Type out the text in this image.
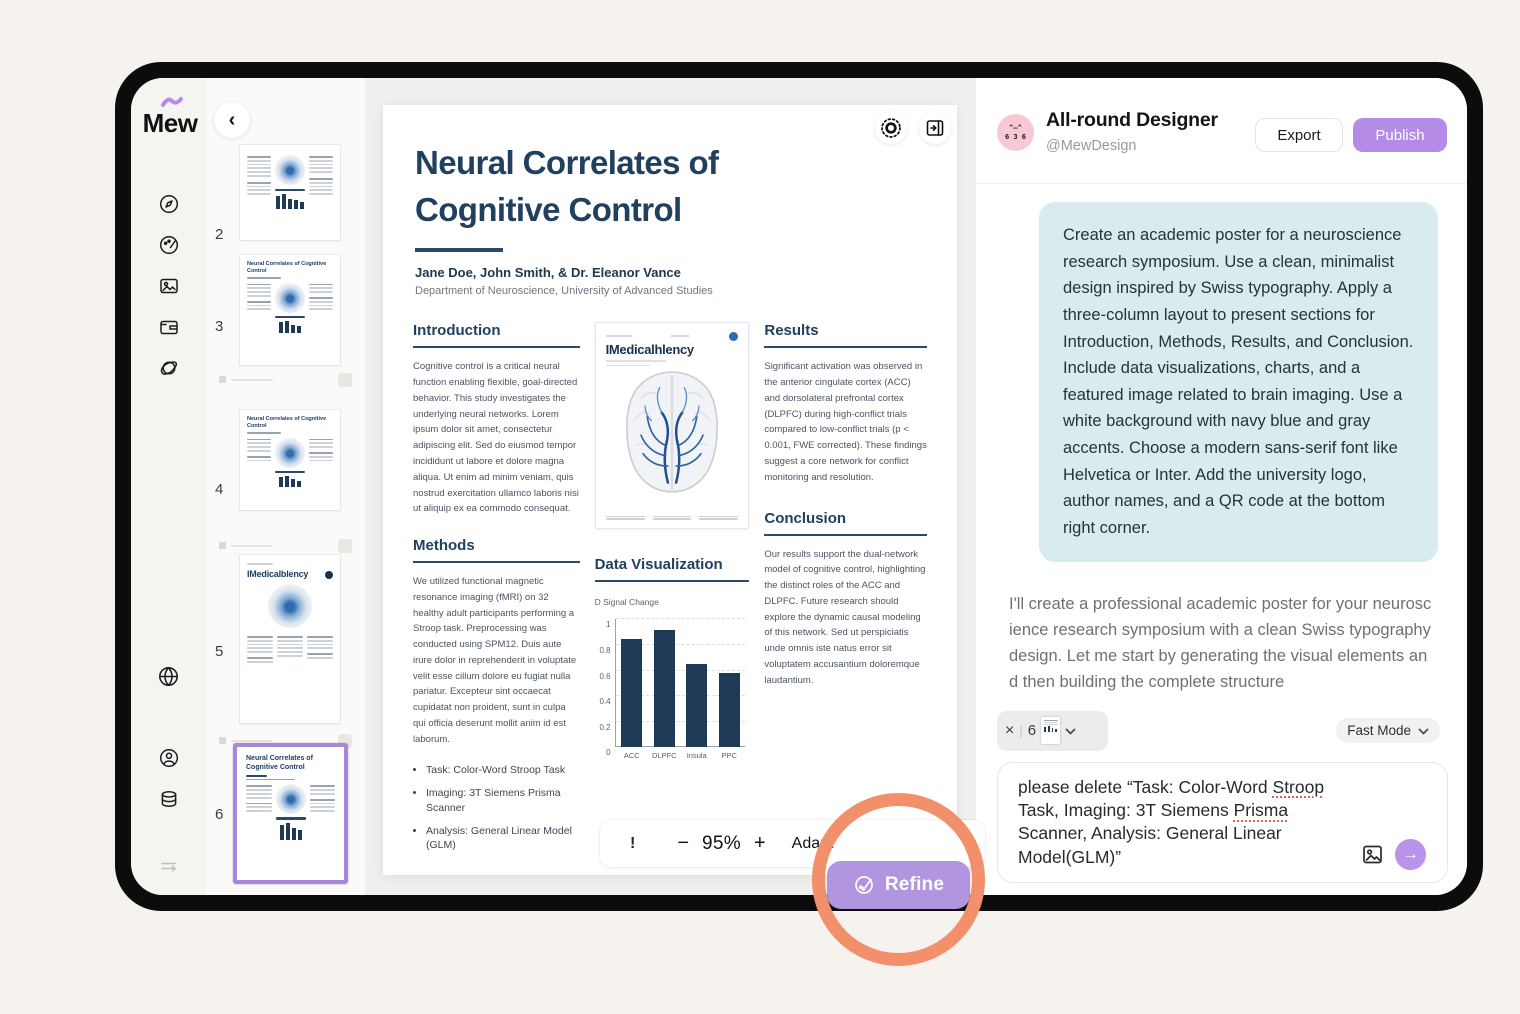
Mew ‹
2
3
Neural Correlates of Cognitive Control
4
Neural Correlates of Cognitive Control
5
IMedicalblency
6
Neural Correlates of Cognitive Control
Neural Correlates of Cognitive Control
Jane Doe, John Smith, & Dr. Eleanor Vance
Department of Neuroscience, University of Advanced Studies
Introduction
Cognitive control is a critical neural function enabling flexible, goal-directed behavior. This study investigates the underlying neural networks. Lorem ipsum dolor sit amet, consectetur adipiscing elit. Sed do eiusmod tempor incididunt ut labore et dolore magna aliqua. Ut enim ad minim veniam, quis nostrud exercitation ullamco laboris nisi ut aliquip ex ea commodo consequat.
Methods
We utilized functional magnetic resonance imaging (fMRI) on 32 healthy adult participants performing a Stroop task. Preprocessing was conducted using SPM12. Duis aute irure dolor in reprehenderit in voluptate velit esse cillum dolore eu fugiat nulla pariatur. Excepteur sint occaecat cupidatat non proident, sunt in culpa qui officia deserunt mollit anim id est laborum.
• Task: Color-Word Stroop Task
• Imaging: 3T Siemens Prisma Scanner
• Analysis: General Linear Model (GLM)
IMedicalhlency
Data Visualization
D Signal Change
0
0.2
0.4
0.6
0.8
1
ACC	DLPFC	Insula	PPC
Results
Significant activation was observed in the anterior cingulate cortex (ACC) and dorsolateral prefrontal cortex (DLPFC) during high-conflict trials compared to low-conflict trials (p < 0.001, FWE corrected). These findings suggest a core network for conflict monitoring and resolution.
Conclusion
Our results support the dual-network model of cognitive control, highlighting the distinct roles of the ACC and DLPFC. Future research should explore the dynamic causal modeling of this network. Sed ut perspiciatis unde omnis iste natus error sit voluptatem accusantium doloremque laudantium.
!	− 95% +	Adapt
^–^
6 3 6
All-round Designer
@MewDesign
Export	Publish
Create an academic poster for a neuroscience research symposium. Use a clean, minimalist design inspired by Swiss typography. Apply a three-column layout to present sections for Introduction, Methods, Results, and Conclusion. Include data visualizations, charts, and a featured image related to brain imaging. Use a white background with navy blue and gray accents. Choose a modern sans-serif font like Helvetica or Inter. Add the university logo, author names, and a QR code at the bottom right corner.
I'll create a professional academic poster for your neuroscience research symposium with a clean Swiss typography design. Let me start by generating the visual elements and then building the complete structure
× | 6	Fast Mode
please delete “Task: Color-Word Stroop Task, Imaging: 3T Siemens Prisma Scanner, Analysis: General Linear Model(GLM)”	→
Refine
